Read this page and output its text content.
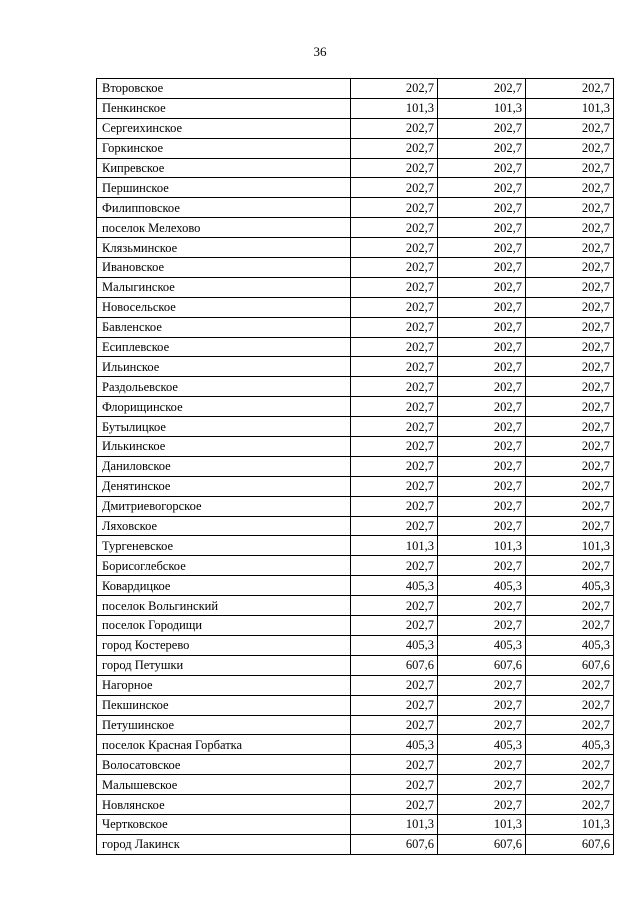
36
Второвское	202,7	202,7	202,7
Пенкинское	101,3	101,3	101,3
Сергеихинское	202,7	202,7	202,7
Горкинское	202,7	202,7	202,7
Кипревское	202,7	202,7	202,7
Першинское	202,7	202,7	202,7
Филипповское	202,7	202,7	202,7
поселок Мелехово	202,7	202,7	202,7
Клязьминское	202,7	202,7	202,7
Ивановское	202,7	202,7	202,7
Малыгинское	202,7	202,7	202,7
Новосельское	202,7	202,7	202,7
Бавленское	202,7	202,7	202,7
Есиплевское	202,7	202,7	202,7
Ильинское	202,7	202,7	202,7
Раздольевское	202,7	202,7	202,7
Флорищинское	202,7	202,7	202,7
Бутылицкое	202,7	202,7	202,7
Илькинское	202,7	202,7	202,7
Даниловское	202,7	202,7	202,7
Денятинское	202,7	202,7	202,7
Дмитриевогорское	202,7	202,7	202,7
Ляховское	202,7	202,7	202,7
Тургеневское	101,3	101,3	101,3
Борисоглебское	202,7	202,7	202,7
Ковардицкое	405,3	405,3	405,3
поселок Вольгинский	202,7	202,7	202,7
поселок Городищи	202,7	202,7	202,7
город Костерево	405,3	405,3	405,3
город Петушки	607,6	607,6	607,6
Нагорное	202,7	202,7	202,7
Пекшинское	202,7	202,7	202,7
Петушинское	202,7	202,7	202,7
поселок Красная Горбатка	405,3	405,3	405,3
Волосатовское	202,7	202,7	202,7
Малышевское	202,7	202,7	202,7
Новлянское	202,7	202,7	202,7
Чертковское	101,3	101,3	101,3
город Лакинск	607,6	607,6	607,6
